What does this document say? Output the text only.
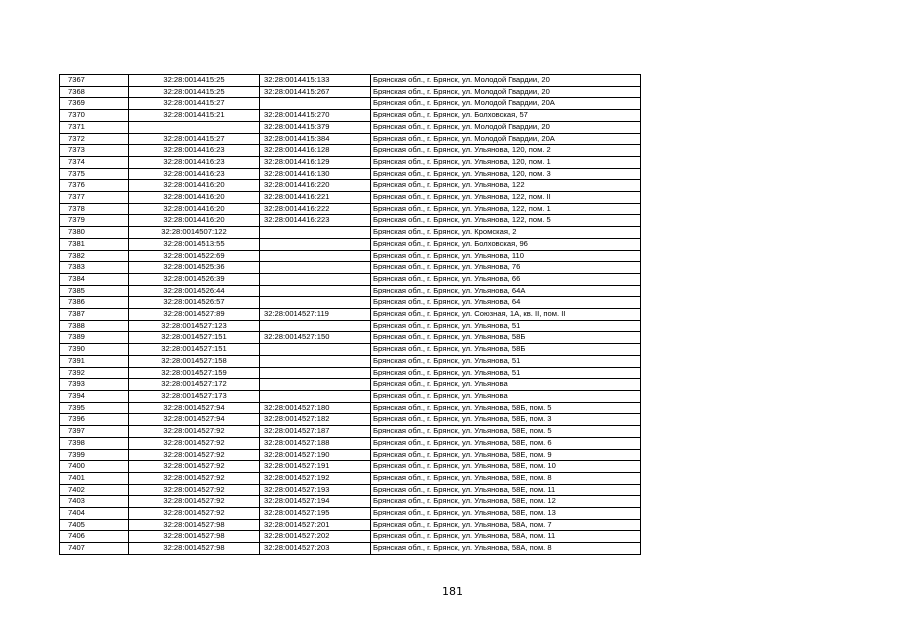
7367	32:28:0014415:25	32:28:0014415:133	Брянская обл., г. Брянск, ул. Молодой Гвардии, 20
7368	32:28:0014415:25	32:28:0014415:267	Брянская обл., г. Брянск, ул. Молодой Гвардии, 20
7369	32:28:0014415:27		Брянская обл., г. Брянск, ул. Молодой Гвардии, 20А
7370	32:28:0014415:21	32:28:0014415:270	Брянская обл., г. Брянск, ул. Болховская, 57
7371		32:28:0014415:379	Брянская обл., г. Брянск, ул. Молодой Гвардии, 20
7372	32:28:0014415:27	32:28:0014415:384	Брянская обл., г. Брянск, ул. Молодой Гвардии, 20А
7373	32:28:0014416:23	32:28:0014416:128	Брянская обл., г. Брянск, ул. Ульянова, 120, пом. 2
7374	32:28:0014416:23	32:28:0014416:129	Брянская обл., г. Брянск, ул. Ульянова, 120, пом. 1
7375	32:28:0014416:23	32:28:0014416:130	Брянская обл., г. Брянск, ул. Ульянова, 120, пом. 3
7376	32:28:0014416:20	32:28:0014416:220	Брянская обл., г. Брянск, ул. Ульянова, 122
7377	32:28:0014416:20	32:28:0014416:221	Брянская обл., г. Брянск, ул. Ульянова, 122, пом. II
7378	32:28:0014416:20	32:28:0014416:222	Брянская обл., г. Брянск, ул. Ульянова, 122, пом. 1
7379	32:28:0014416:20	32:28:0014416:223	Брянская обл., г. Брянск, ул. Ульянова, 122, пом. 5
7380	32:28:0014507:122		Брянская обл., г. Брянск, ул. Кромская, 2
7381	32:28:0014513:55		Брянская обл., г. Брянск, ул. Болховская, 96
7382	32:28:0014522:69		Брянская обл., г. Брянск, ул. Ульянова, 110
7383	32:28:0014525:36		Брянская обл., г. Брянск, ул. Ульянова, 76
7384	32:28:0014526:39		Брянская обл., г. Брянск, ул. Ульянова, 66
7385	32:28:0014526:44		Брянская обл., г. Брянск, ул. Ульянова, 64А
7386	32:28:0014526:57		Брянская обл., г. Брянск, ул. Ульянова, 64
7387	32:28:0014527:89	32:28:0014527:119	Брянская обл., г. Брянск, ул. Союзная, 1А, кв. II, пом. II
7388	32:28:0014527:123		Брянская обл., г. Брянск, ул. Ульянова, 51
7389	32:28:0014527:151	32:28:0014527:150	Брянская обл., г. Брянск, ул. Ульянова, 58Б
7390	32:28:0014527:151		Брянская обл., г. Брянск, ул. Ульянова, 58Б
7391	32:28:0014527:158		Брянская обл., г. Брянск, ул. Ульянова, 51
7392	32:28:0014527:159		Брянская обл., г. Брянск, ул. Ульянова, 51
7393	32:28:0014527:172		Брянская обл., г. Брянск, ул. Ульянова
7394	32:28:0014527:173		Брянская обл., г. Брянск, ул. Ульянова
7395	32:28:0014527:94	32:28:0014527:180	Брянская обл., г. Брянск, ул. Ульянова, 58Б, пом. 5
7396	32:28:0014527:94	32:28:0014527:182	Брянская обл., г. Брянск, ул. Ульянова, 58Б, пом. 3
7397	32:28:0014527:92	32:28:0014527:187	Брянская обл., г. Брянск, ул. Ульянова, 58Е, пом. 5
7398	32:28:0014527:92	32:28:0014527:188	Брянская обл., г. Брянск, ул. Ульянова, 58Е, пом. 6
7399	32:28:0014527:92	32:28:0014527:190	Брянская обл., г. Брянск, ул. Ульянова, 58Е, пом. 9
7400	32:28:0014527:92	32:28:0014527:191	Брянская обл., г. Брянск, ул. Ульянова, 58Е, пом. 10
7401	32:28:0014527:92	32:28:0014527:192	Брянская обл., г. Брянск, ул. Ульянова, 58Е, пом. 8
7402	32:28:0014527:92	32:28:0014527:193	Брянская обл., г. Брянск, ул. Ульянова, 58Е, пом. 11
7403	32:28:0014527:92	32:28:0014527:194	Брянская обл., г. Брянск, ул. Ульянова, 58Е, пом. 12
7404	32:28:0014527:92	32:28:0014527:195	Брянская обл., г. Брянск, ул. Ульянова, 58Е, пом. 13
7405	32:28:0014527:98	32:28:0014527:201	Брянская обл., г. Брянск, ул. Ульянова, 58А, пом. 7
7406	32:28:0014527:98	32:28:0014527:202	Брянская обл., г. Брянск, ул. Ульянова, 58А, пом. 11
7407	32:28:0014527:98	32:28:0014527:203	Брянская обл., г. Брянск, ул. Ульянова, 58А, пом. 8
181
